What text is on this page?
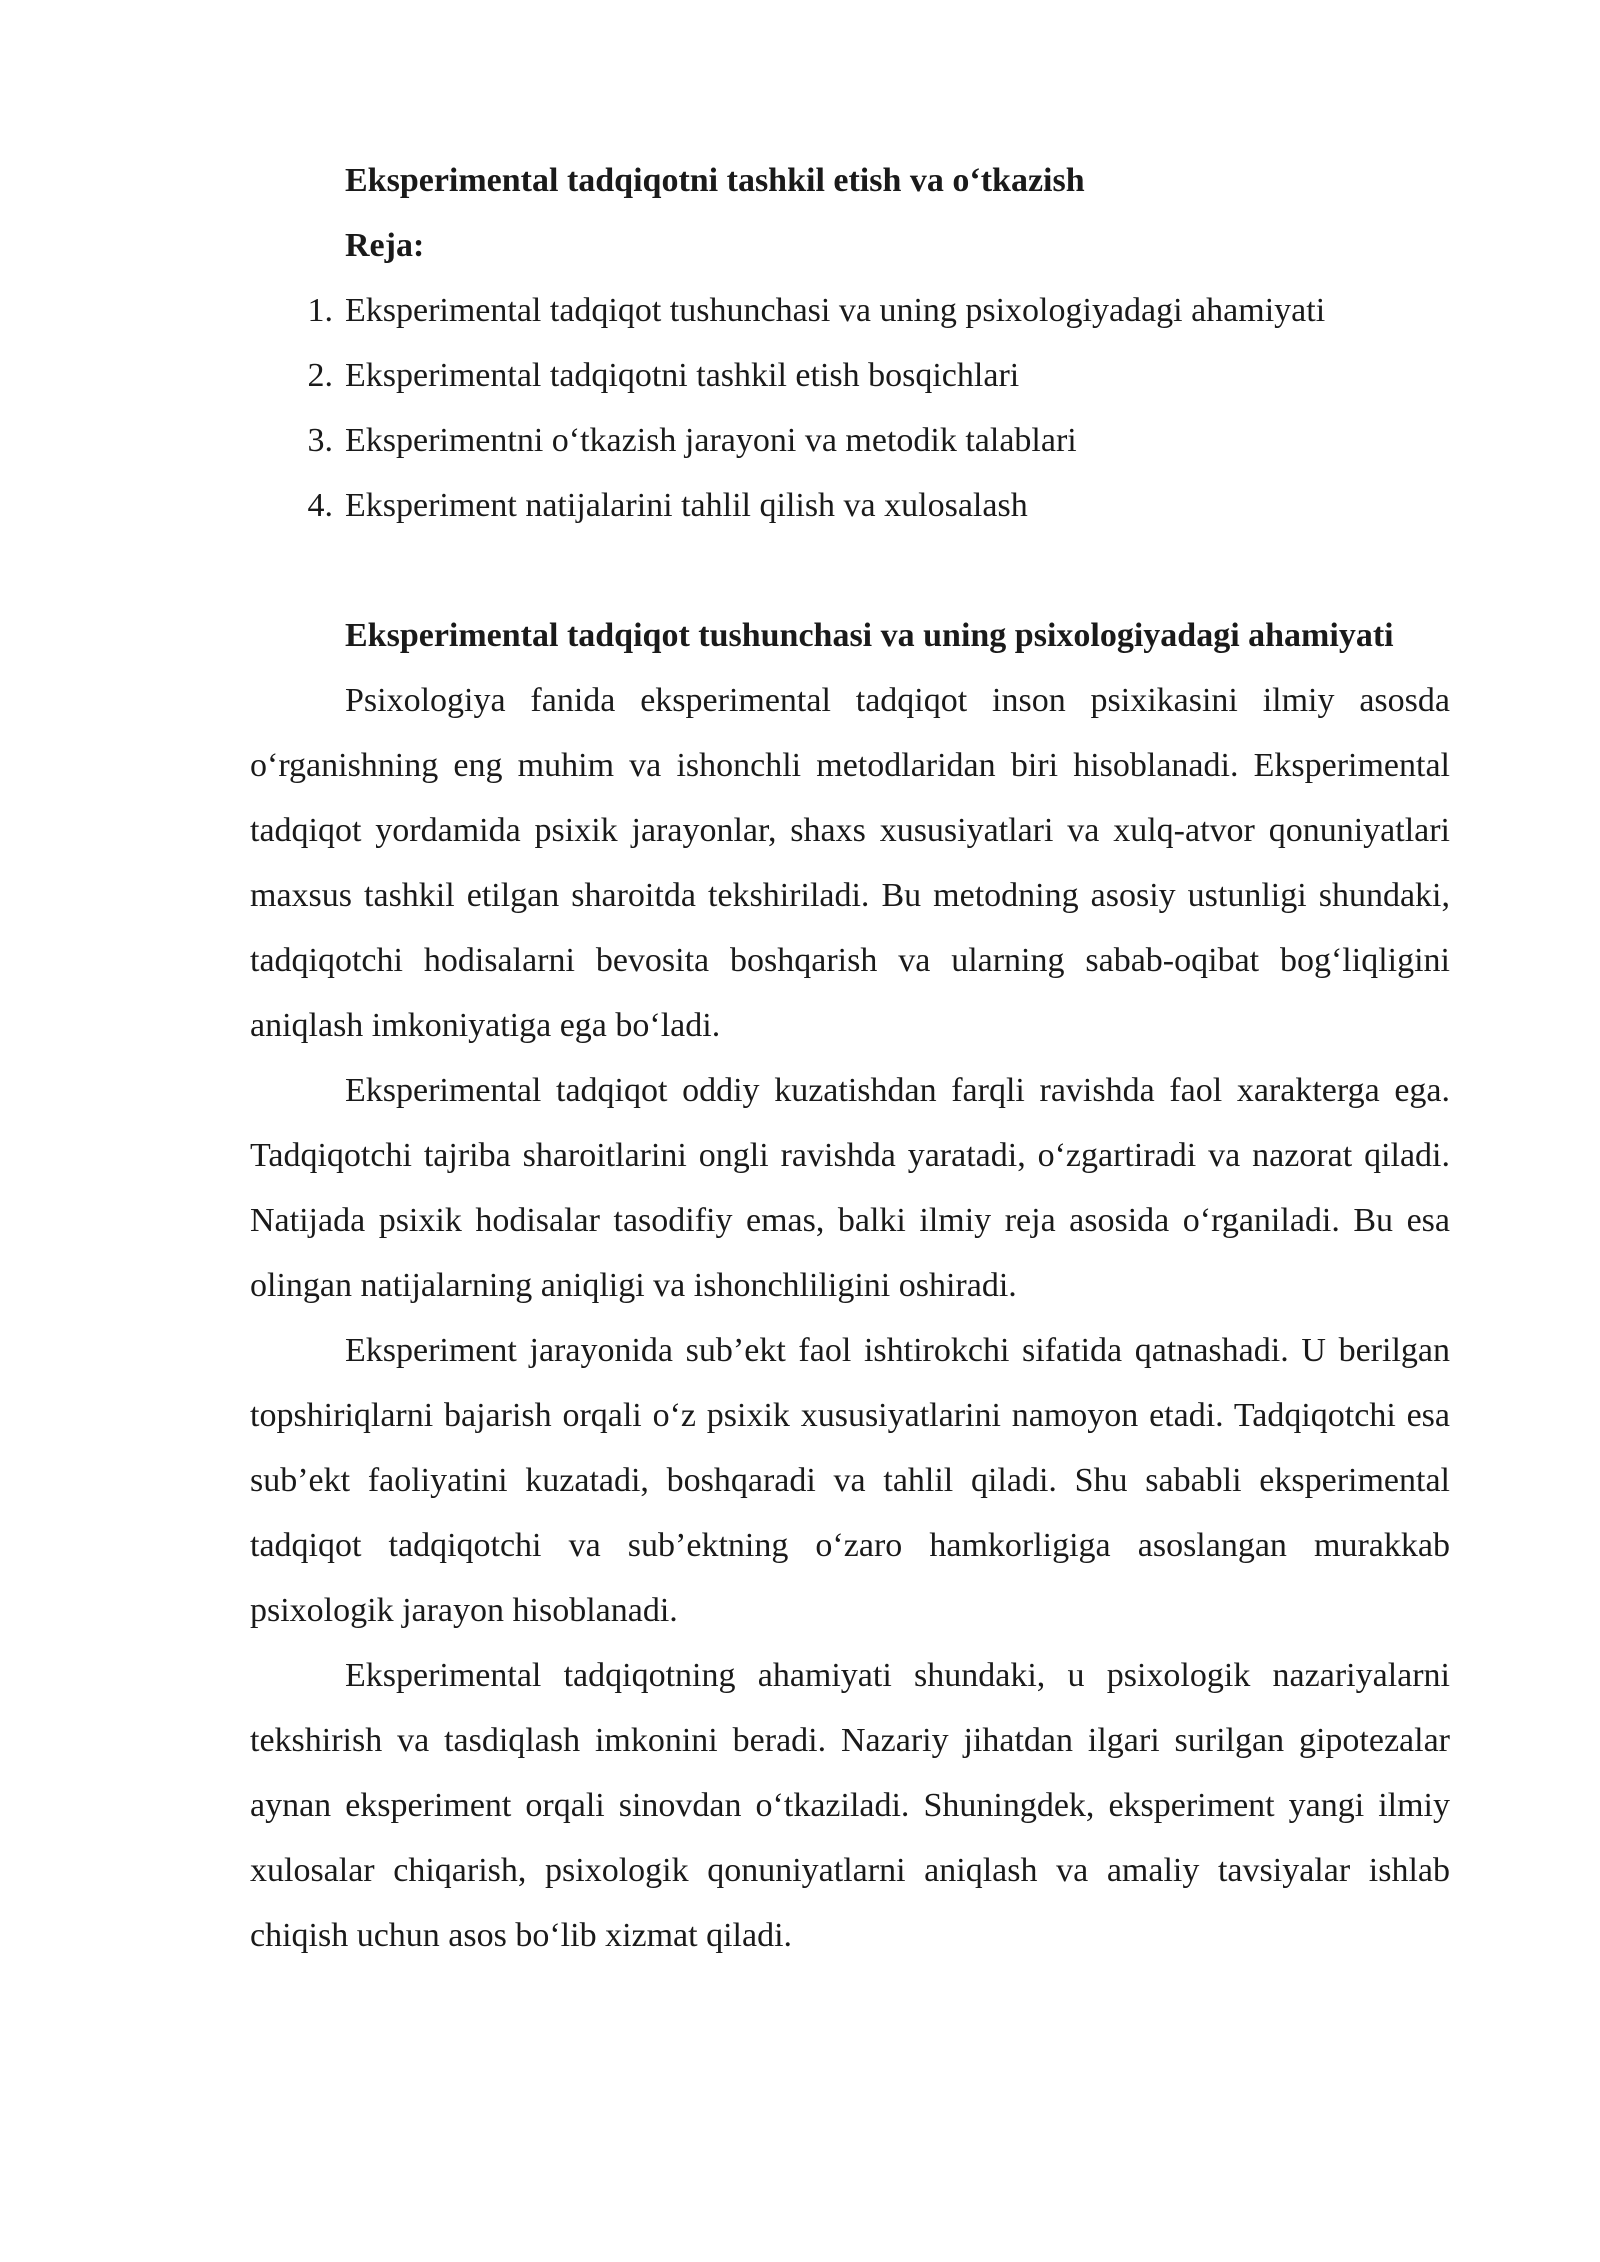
Eksperimental tadqiqotni tashkil etish va o‘tkazish
Reja:
1. Eksperimental tadqiqot tushunchasi va uning psixologiyadagi ahamiyati
2. Eksperimental tadqiqotni tashkil etish bosqichlari
3. Eksperimentni o‘tkazish jarayoni va metodik talablari
4. Eksperiment natijalarini tahlil qilish va xulosalash

Eksperimental tadqiqot tushunchasi va uning psixologiyadagi ahamiyati

Psixologiya fanida eksperimental tadqiqot inson psixikasini ilmiy asosda o‘rganishning eng muhim va ishonchli metodlaridan biri hisoblanadi. Eksperimental tadqiqot yordamida psixik jarayonlar, shaxs xususiyatlari va xulq-atvor qonuniyatlari maxsus tashkil etilgan sharoitda tekshiriladi. Bu metodning asosiy ustunligi shundaki, tadqiqotchi hodisalarni bevosita boshqarish va ularning sabab-oqibat bog‘liqligini aniqlash imkoniyatiga ega bo‘ladi.

Eksperimental tadqiqot oddiy kuzatishdan farqli ravishda faol xarakterga ega. Tadqiqotchi tajriba sharoitlarini ongli ravishda yaratadi, o‘zgartiradi va nazorat qiladi. Natijada psixik hodisalar tasodifiy emas, balki ilmiy reja asosida o‘rganiladi. Bu esa olingan natijalarning aniqligi va ishonchliligini oshiradi.

Eksperiment jarayonida sub’ekt faol ishtirokchi sifatida qatnashadi. U berilgan topshiriqlarni bajarish orqali o‘z psixik xususiyatlarini namoyon etadi. Tadqiqotchi esa sub’ekt faoliyatini kuzatadi, boshqaradi va tahlil qiladi. Shu sababli eksperimental tadqiqot tadqiqotchi va sub’ektning o‘zaro hamkorligiga asoslangan murakkab psixologik jarayon hisoblanadi.

Eksperimental tadqiqotning ahamiyati shundaki, u psixologik nazariyalarni tekshirish va tasdiqlash imkonini beradi. Nazariy jihatdan ilgari surilgan gipotezalar aynan eksperiment orqali sinovdan o‘tkaziladi. Shuningdek, eksperiment yangi ilmiy xulosalar chiqarish, psixologik qonuniyatlarni aniqlash va amaliy tavsiyalar ishlab chiqish uchun asos bo‘lib xizmat qiladi.
